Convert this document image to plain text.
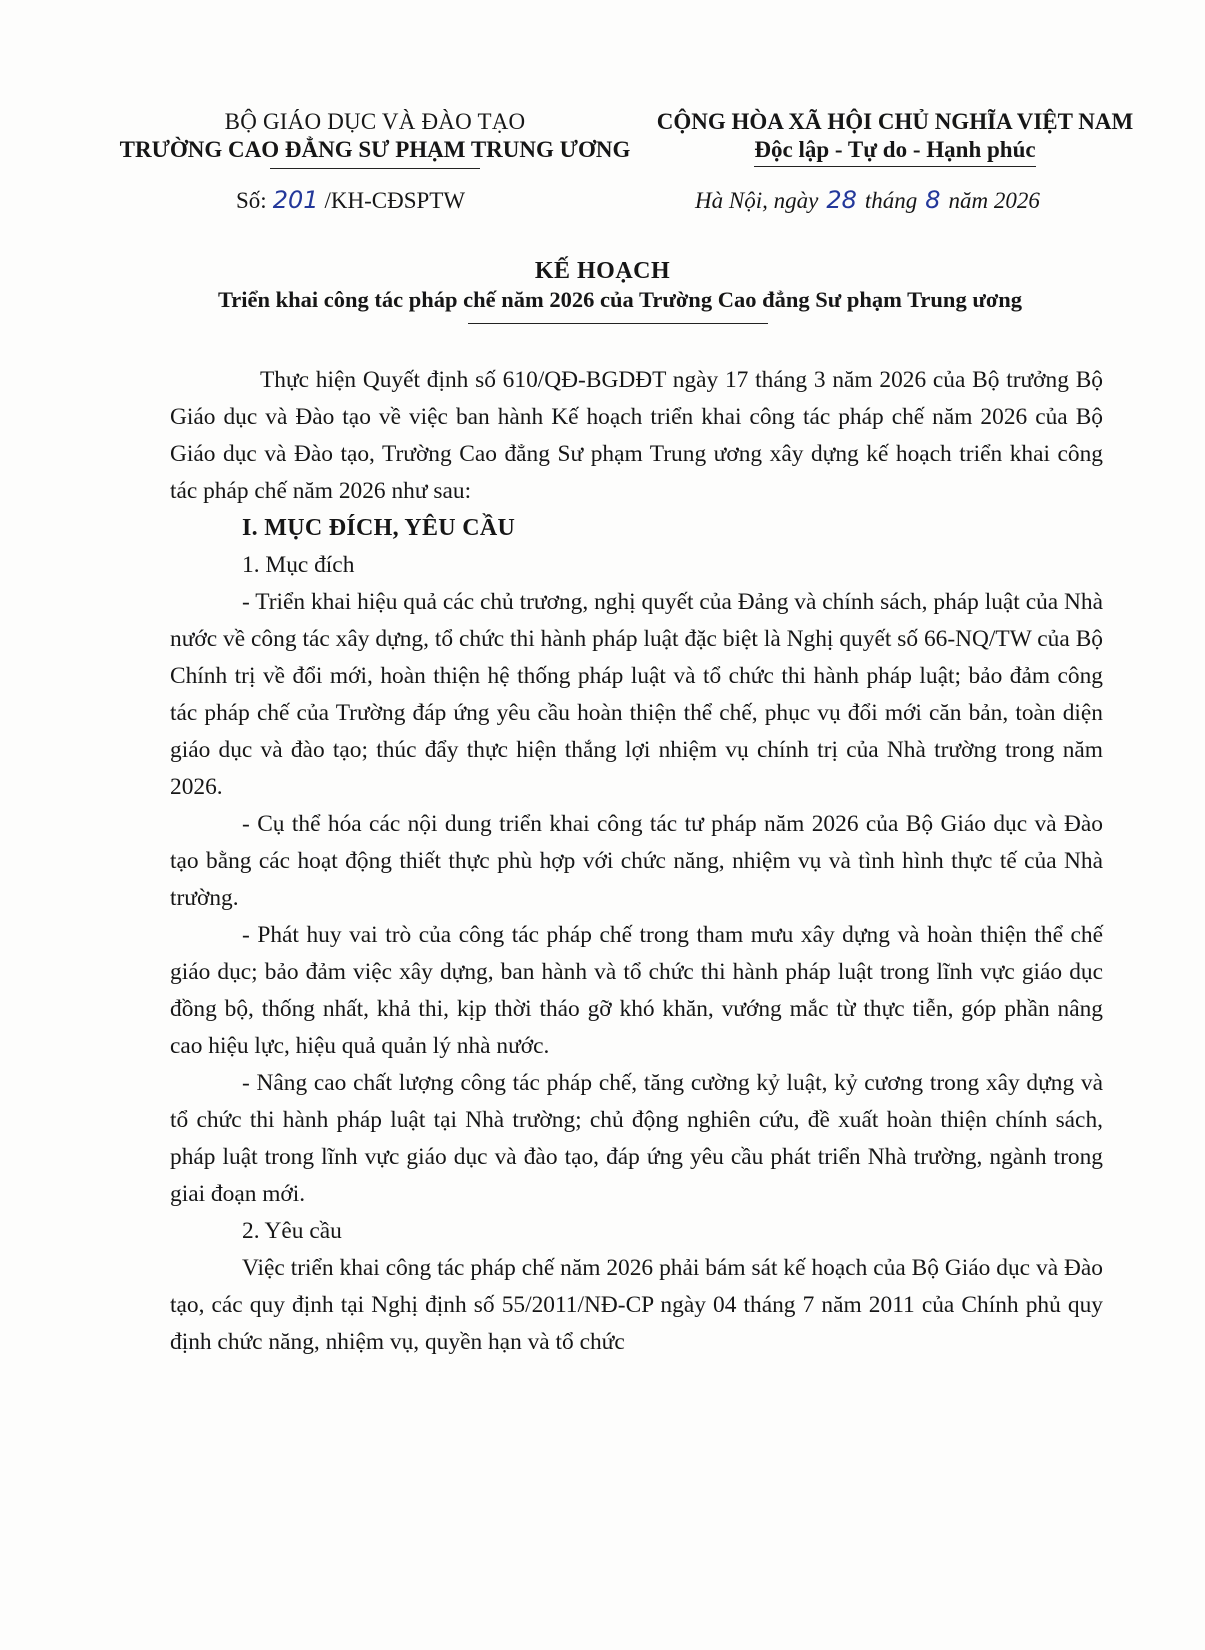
BỘ GIÁO DỤC VÀ ĐÀO TẠO
TRƯỜNG CAO ĐẲNG SƯ PHẠM TRUNG ƯƠNG
CỘNG HÒA XÃ HỘI CHỦ NGHĨA VIỆT NAM
Độc lập - Tự do - Hạnh phúc
Số: 201 /KH-CĐSPTW	Hà Nội, ngày 28 tháng 8 năm 2026
KẾ HOẠCH
Triển khai công tác pháp chế năm 2026 của Trường Cao đẳng Sư phạm Trung ương

Thực hiện Quyết định số 610/QĐ-BGDĐT ngày 17 tháng 3 năm 2026 của Bộ trưởng Bộ Giáo dục và Đào tạo về việc ban hành Kế hoạch triển khai công tác pháp chế năm 2026 của Bộ Giáo dục và Đào tạo, Trường Cao đẳng Sư phạm Trung ương xây dựng kế hoạch triển khai công tác pháp chế năm 2026 như sau:

I. MỤC ĐÍCH, YÊU CẦU

1. Mục đích

- Triển khai hiệu quả các chủ trương, nghị quyết của Đảng và chính sách, pháp luật của Nhà nước về công tác xây dựng, tổ chức thi hành pháp luật đặc biệt là Nghị quyết số 66-NQ/TW của Bộ Chính trị về đổi mới, hoàn thiện hệ thống pháp luật và tổ chức thi hành pháp luật; bảo đảm công tác pháp chế của Trường đáp ứng yêu cầu hoàn thiện thể chế, phục vụ đổi mới căn bản, toàn diện giáo dục và đào tạo; thúc đẩy thực hiện thắng lợi nhiệm vụ chính trị của Nhà trường trong năm 2026.

- Cụ thể hóa các nội dung triển khai công tác tư pháp năm 2026 của Bộ Giáo dục và Đào tạo bằng các hoạt động thiết thực phù hợp với chức năng, nhiệm vụ và tình hình thực tế của Nhà trường.

- Phát huy vai trò của công tác pháp chế trong tham mưu xây dựng và hoàn thiện thể chế giáo dục; bảo đảm việc xây dựng, ban hành và tổ chức thi hành pháp luật trong lĩnh vực giáo dục đồng bộ, thống nhất, khả thi, kịp thời tháo gỡ khó khăn, vướng mắc từ thực tiễn, góp phần nâng cao hiệu lực, hiệu quả quản lý nhà nước.

- Nâng cao chất lượng công tác pháp chế, tăng cường kỷ luật, kỷ cương trong xây dựng và tổ chức thi hành pháp luật tại Nhà trường; chủ động nghiên cứu, đề xuất hoàn thiện chính sách, pháp luật trong lĩnh vực giáo dục và đào tạo, đáp ứng yêu cầu phát triển Nhà trường, ngành trong giai đoạn mới.

2. Yêu cầu

Việc triển khai công tác pháp chế năm 2026 phải bám sát kế hoạch của Bộ Giáo dục và Đào tạo, các quy định tại Nghị định số 55/2011/NĐ-CP ngày 04 tháng 7 năm 2011 của Chính phủ quy định chức năng, nhiệm vụ, quyền hạn và tổ chức
